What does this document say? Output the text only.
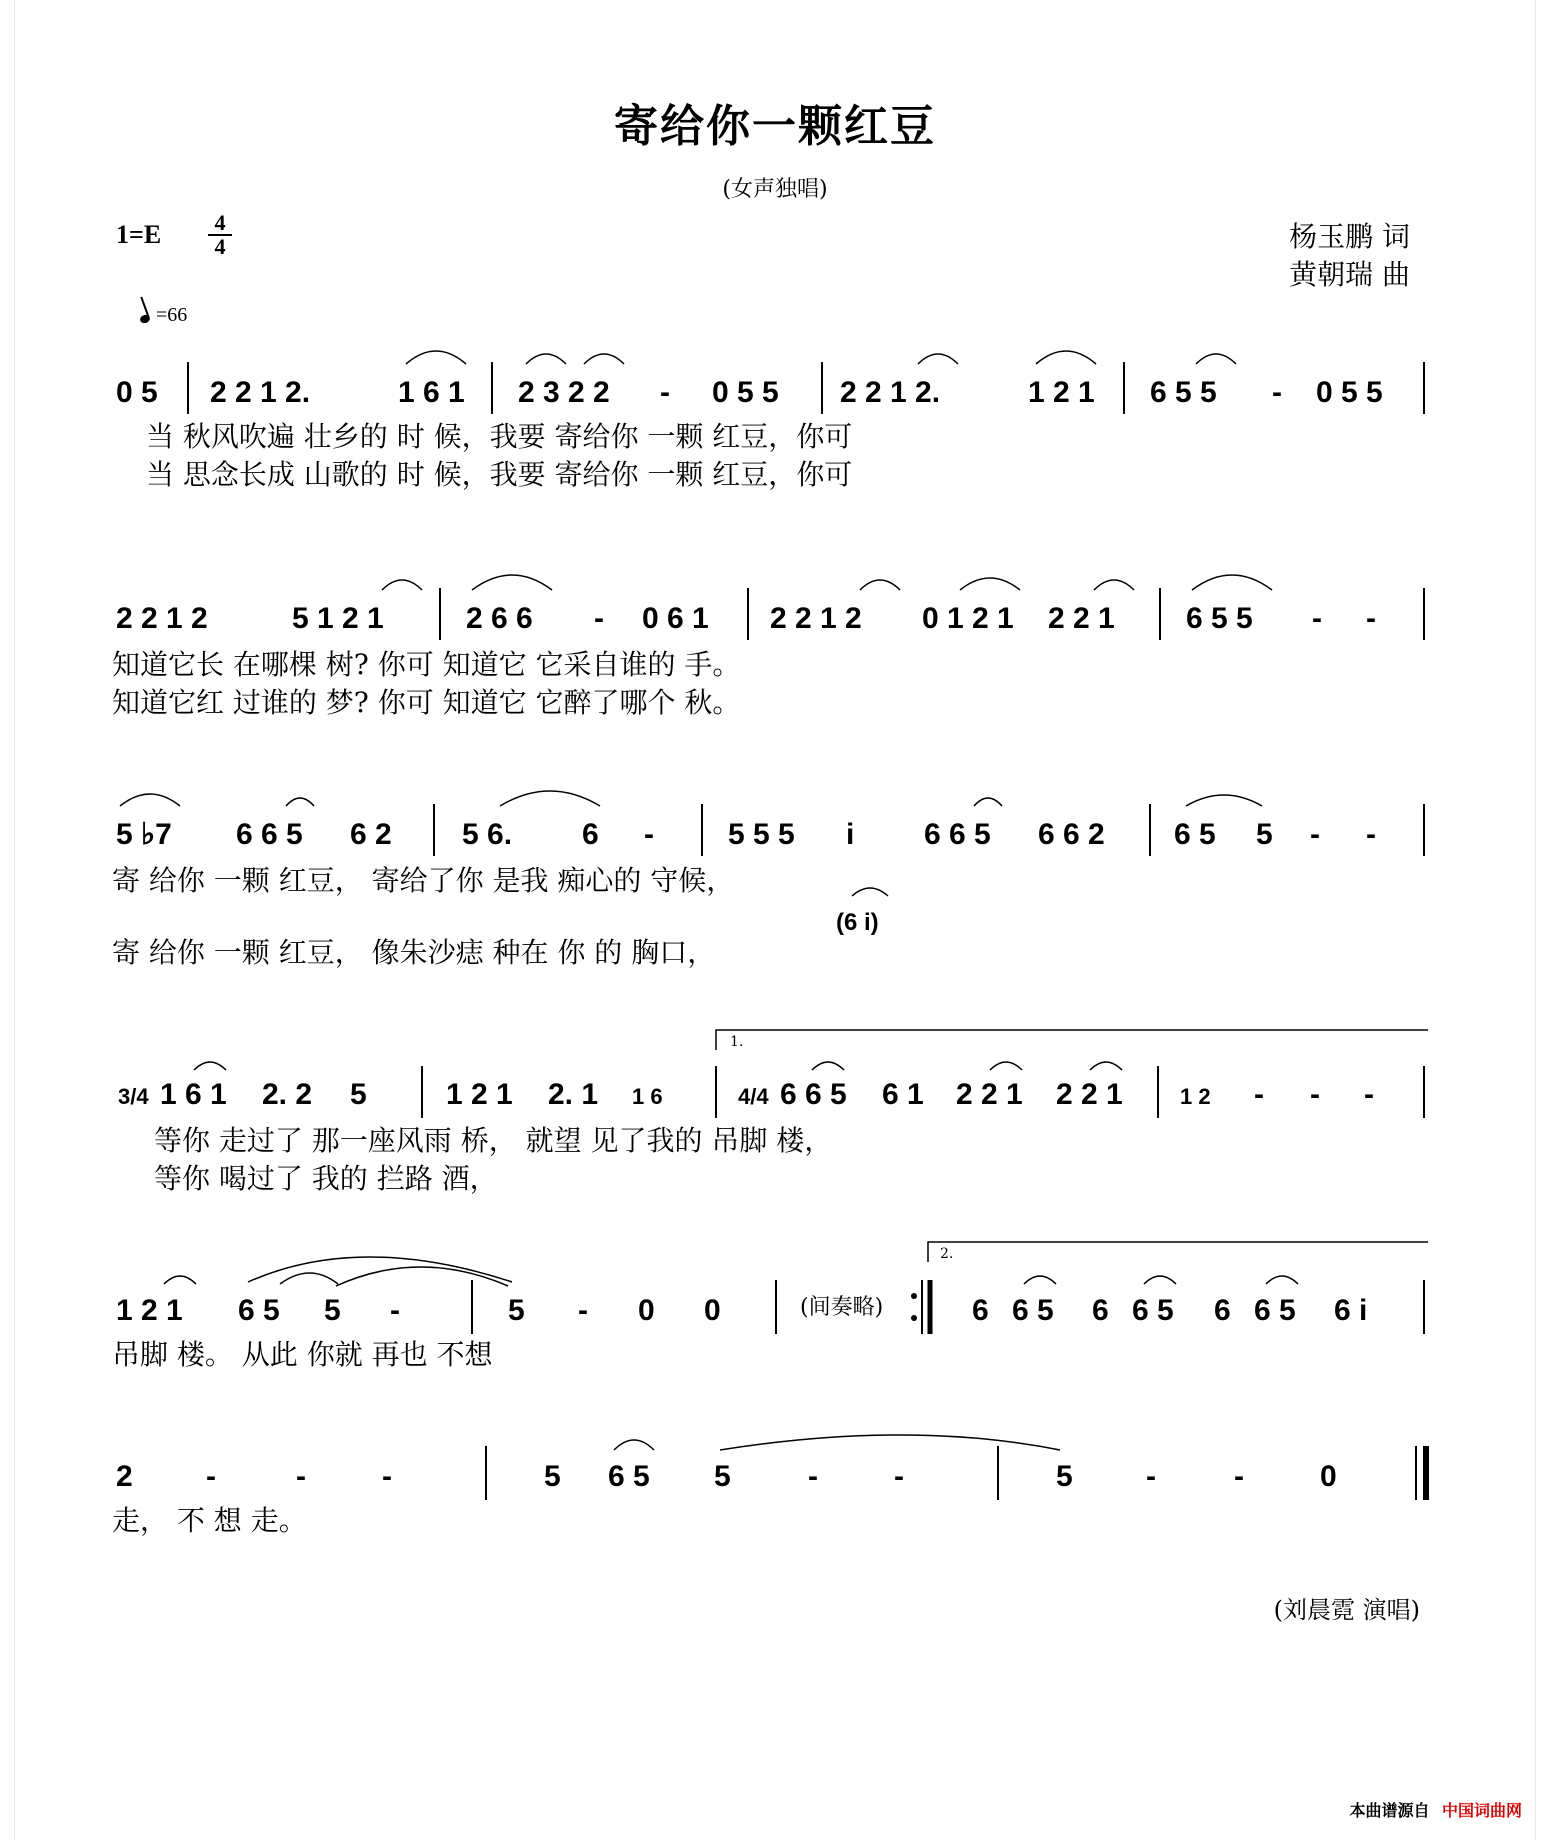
寄给你一颗红豆
(女声独唱)
$1=E \frac{4}{4}$
=66
杨玉鹏 词
黄朝瑞 曲
0 5 2 2 1 2.	1 6 1 2 3 2 2 - 0 5 5 2 2 1 2.	1 2 1 6 5 5 - 0 5 5
当 秋风吹遍 壮乡的 时 候，我要 寄给你 一颗 红豆，你可
当 思念长成 山歌的 时 候，我要 寄给你 一颗 红豆，你可
2 2 1 2	5 1 2 1	2 6 6 - 0 6 1 2 2 1 2 0 1 2 1 2 2 1 6 5 5 - -
知道它长 在哪棵 树? 你可 知道它 它采自谁的 手。
知道它红 过谁的 梦? 你可 知道它 它醉了哪个 秋。
5 ♭7 6 6 5 6 2 5 6. 6 - 5 5 5 i 6 6 5 6 6 2 6 5 5 - -
寄 给你 一颗 红豆， 寄给了你 是我 痴心的 守候，
(6 i)
寄 给你 一颗 红豆， 像朱沙痣 种在 你 的 胸口，
1.
3/4 1 6 1 2. 2 5	1 2 1 2. 1 1 6	4/4 6 6 5 6 1 2 2 1 2 2 1	1 2 - - -
等你 走过了 那一座风雨 桥， 就望 见了我的 吊脚 楼，
等你 喝过了 我的 拦路 酒，
2.
1 2 1 6 5 5 -	5 - 0 0	(间奏略)	6 6 5 6 6 5 6 6 5 6 i
吊脚 楼。 从此 你就 再也 不想
2 -	-	-	5 6 5 5	-	-	5 -	-	0
走， 不 想 走。
(刘晨霓 演唱)
本曲谱源自 中国词曲网
